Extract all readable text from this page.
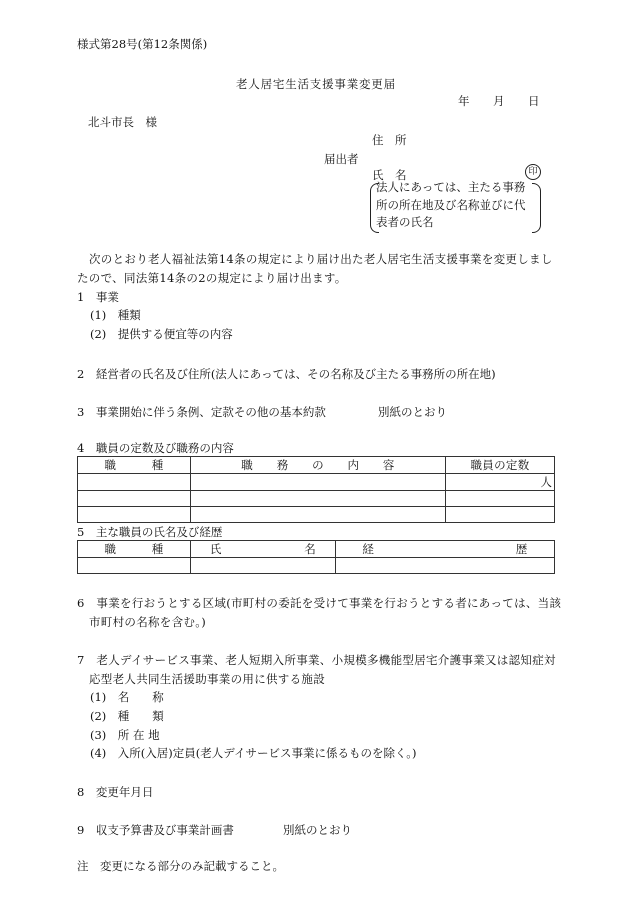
様式第28号(第12条関係)
老人居宅生活支援事業変更届
年 月 日
北斗市長　様
住　所
届出者
氏　名	印
法人にあっては、主たる事務所の所在地及び名称並びに代表者の氏名
次のとおり老人福祉法第14条の規定により届け出た老人居宅生活支援事業を変更しましたので、同法第14条の2の規定により届け出ます。
1　事業
(1)　種類
(2)　提供する便宜等の内容
2　経営者の氏名及び住所(法人にあっては、その名称及び主たる事務所の所在地)
3　事業開始に伴う条例、定款その他の基本約款	別紙のとおり
4　職員の定数及び職務の内容
職　　　種	職　　務　　の　　内　　容	職員の定数
		人

5　主な職員の氏名及び経歴
職　　　種	氏　　　　　　　名	経　　　　　　　　　　　　歴

6　事業を行おうとする区域(市町村の委託を受けて事業を行おうとする者にあっては、当該市町村の名称を含む。)
7　老人デイサービス事業、老人短期入所事業、小規模多機能型居宅介護事業又は認知症対応型老人共同生活援助事業の用に供する施設
(1)　名　　称
(2)　種　　類
(3)　所 在 地
(4)　入所(入居)定員(老人デイサービス事業に係るものを除く。)
8　変更年月日
9　収支予算書及び事業計画書	別紙のとおり
注　変更になる部分のみ記載すること。
